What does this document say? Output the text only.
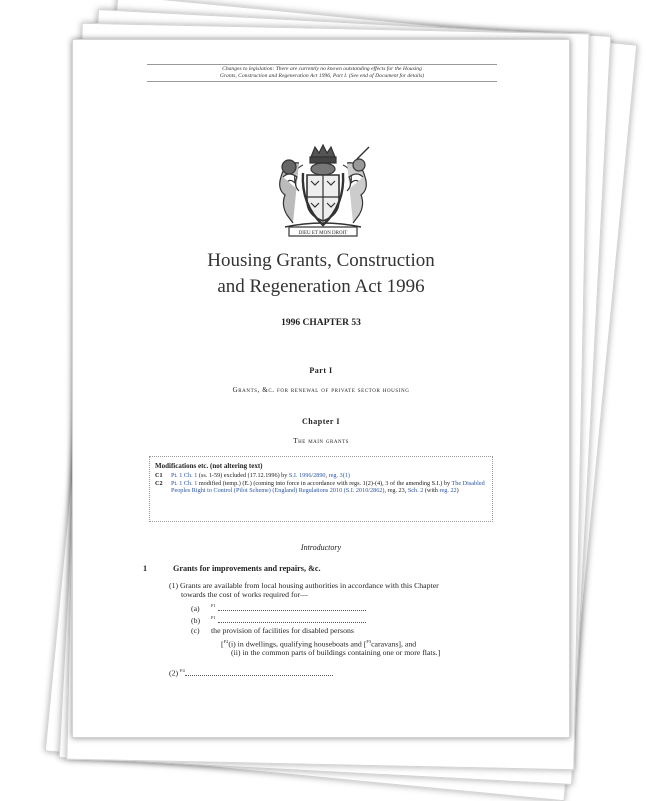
Changes to legislation: There are currently no known outstanding effects for the Housing
Grants, Construction and Regeneration Act 1996, Part I. (See end of Document for details)
DIEU ET MON DROIT
Housing Grants, Construction
and Regeneration Act 1996
1996 CHAPTER 53
Part I
Grants, &c. for renewal of private sector housing
Chapter I
The main grants
Modifications etc. (not altering text)
C1	Pt. 1 Ch. 1 (ss. 1-59) excluded (17.12.1996) by S.I. 1996/2890, reg. 3(1)
C2	Pt. 1 Ch. 1 modified (temp.) (E.) (coming into force in accordance with regs. 1(2)-(4), 3 of the amending S.I.) by The Disabled Peoples Right to Control (Pilot Scheme) (England) Regulations 2010 (S.I. 2010/2862), reg. 23, Sch. 2 (with reg. 22)
Introductory
1	Grants for improvements and repairs, &c.
(1) Grants are available from local housing authorities in accordance with this Chapter
towards the cost of works required for—
(a)	$^{F1}$
(b) $^{F1}$
(c) the provision of facilities for disabled persons
[$^{F2}$(i) in dwellings, qualifying houseboats and [$^{F3}$caravans], and
(ii) in the common parts of buildings containing one or more flats.]
(2) $^{F4}$
